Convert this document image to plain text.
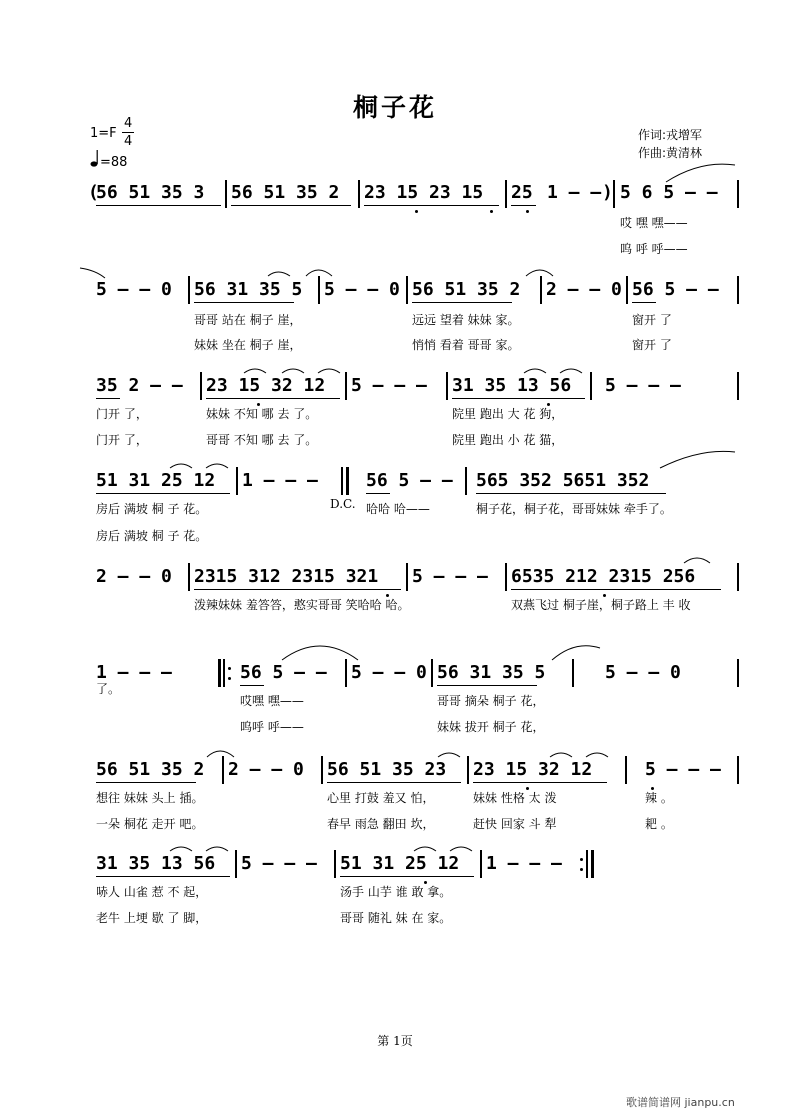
桐子花
1=F
4
4
=88
作词:戎增军
作曲:黄清林
(
56 51 35 3 56 51 35 2 23 15 23 15 25 1 – – ) 5 6 5 – –
哎 嘿 嘿——
呜 呼 呼——
5 – – 0 56 31 35 5 5 – – 0 56 51 35 2 2 – – 0 56 5 – –
哥哥 站在 桐子 崖，	远远 望着 妹妹 家。	窗开 了
妹妹 坐在 桐子 崖，	悄悄 看着 哥哥 家。	窗开 了
35 2 – – 23 15 32 12 5 – – – 31 35 13 56 5 – – –
门开 了，	妹妹 不知 哪 去 了。	院里 跑出 大 花 狗，
门开 了，	哥哥 不知 哪 去 了。	院里 跑出 小 花 猫，
51 31 25 12 1 – – –	56 5 – – 565 352 5651 352
房后 满坡 桐 子 花。	D.C. 哈哈 哈——	桐子花，桐子花，哥哥妹妹 牵手了。
房后 满坡 桐 子 花。
2 – – 0 2315 312 2315 321 5 – – – 6535 212 2315 256
泼辣妹妹 羞答答，憨实哥哥 笑哈哈 哈。	双燕飞过 桐子崖，桐子路上 丰 收
1 – – –	56 5 – – 5 – – 0 56 31 35 5	5 – – 0
了。
哎嘿 嘿——	哥哥 摘朵 桐子 花，
呜呼 呼——	妹妹 拔开 桐子 花，
56 51 35 2 2 – – 0 56 51 35 23 23 15 32 12	5 – – –
想往 妹妹 头上 插。	心里 打鼓 羞又 怕，	妹妹 性格 太 泼	辣 。
一朵 桐花 走开 吧。	春早 雨急 翻田 坎，	赶快 回家 斗 犁	耙 。
31 35 13 56 5 – – – 51 31 25 12 1 – – –
哧人 山雀 惹 不 起，	汤手 山芋 谁 敢 拿。
老牛 上埂 歇 了 脚，	哥哥 随礼 妹 在 家。
第 1页
歌谱简谱网 jianpu.cn
